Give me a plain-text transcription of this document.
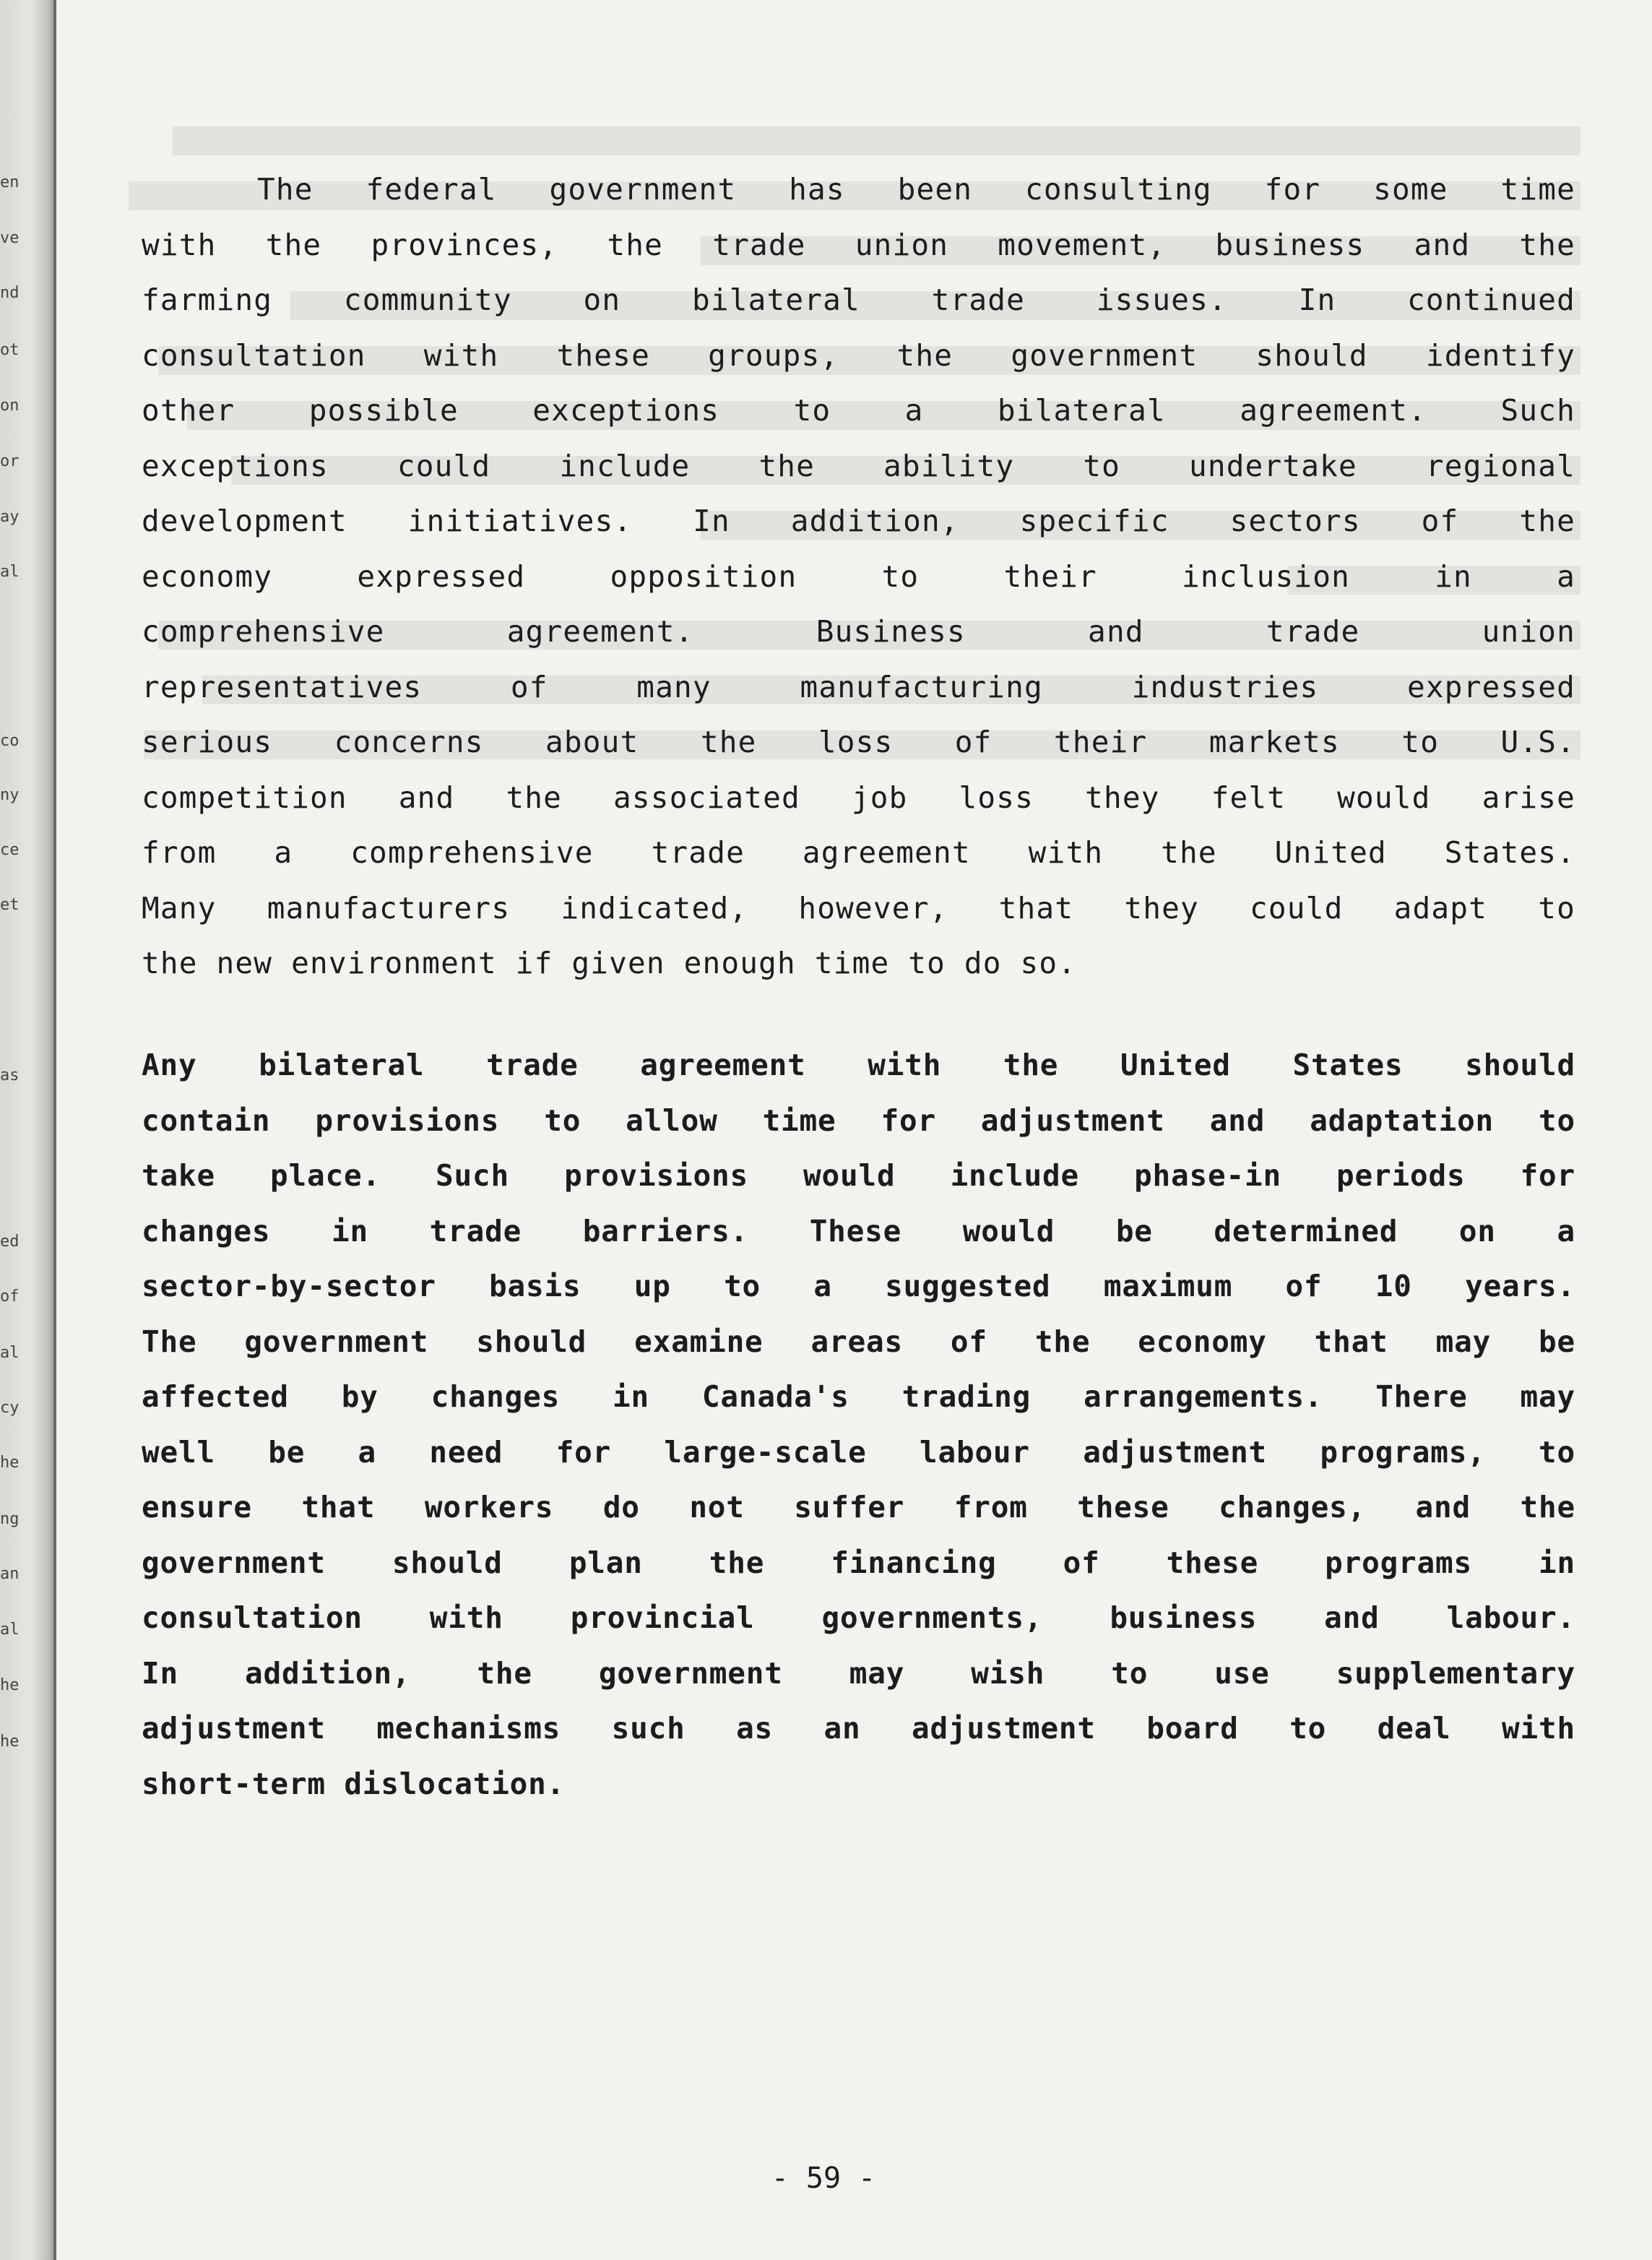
en
ve
nd
ot
on
or
ay
al
co
ny
ce
et
as
ed
of
al
cy
he
ng
an
al
he
he
The federal government has been consulting for some time
with the provinces, the trade union movement, business and the
farming community on bilateral trade issues. In continued
consultation with these groups, the government should identify
other possible exceptions to a bilateral agreement. Such
exceptions could include the ability to undertake regional
development initiatives. In addition, specific sectors of the
economy expressed opposition to their inclusion in a
comprehensive agreement. Business and trade union
representatives of many manufacturing industries expressed
serious concerns about the loss of their markets to U.S.
competition and the associated job loss they felt would arise
from a comprehensive trade agreement with the United States.
Many manufacturers indicated, however, that they could adapt to
the new environment if given enough time to do so.
Any bilateral trade agreement with the United States should
contain provisions to allow time for adjustment and adaptation to
take place. Such provisions would include phase-in periods for
changes in trade barriers. These would be determined on a
sector-by-sector basis up to a suggested maximum of 10 years.
The government should examine areas of the economy that may be
affected by changes in Canada's trading arrangements. There may
well be a need for large-scale labour adjustment programs, to
ensure that workers do not suffer from these changes, and the
government should plan the financing of these programs in
consultation with provincial governments, business and labour.
In addition, the government may wish to use supplementary
adjustment mechanisms such as an adjustment board to deal with
short-term dislocation.
- 59 -
